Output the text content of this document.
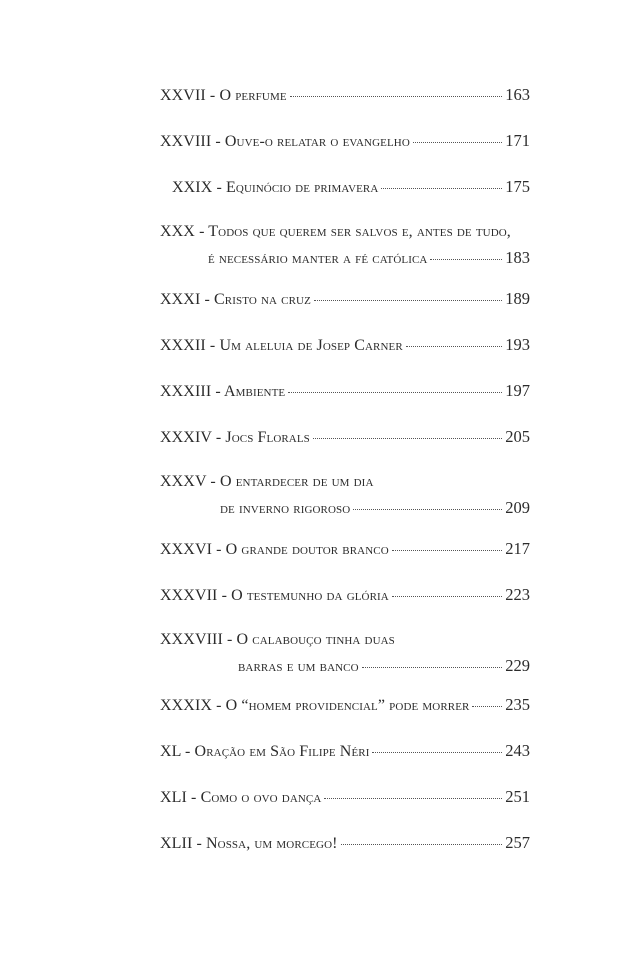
XXVII - O perfume	163
XXVIII - Ouve-o relatar o evangelho	171
XXIX - Equinócio de primavera	175
XXX - Todos que querem ser salvos e, antes de tudo,
é necessário manter a fé católica	183
XXXI - Cristo na cruz	189
XXXII - Um aleluia de Josep Carner	193
XXXIII - Ambiente	197
XXXIV - Jocs Florals	205
XXXV - O entardecer de um dia
de inverno rigoroso	209
XXXVI - O grande doutor branco	217
XXXVII - O testemunho da glória	223
XXXVIII - O calabouço tinha duas
barras e um banco	229
XXXIX - O “homem providencial” pode morrer 235
XL - Oração em São Filipe Néri	243
XLI - Como o ovo dança	251
XLII - Nossa, um morcego!	257
